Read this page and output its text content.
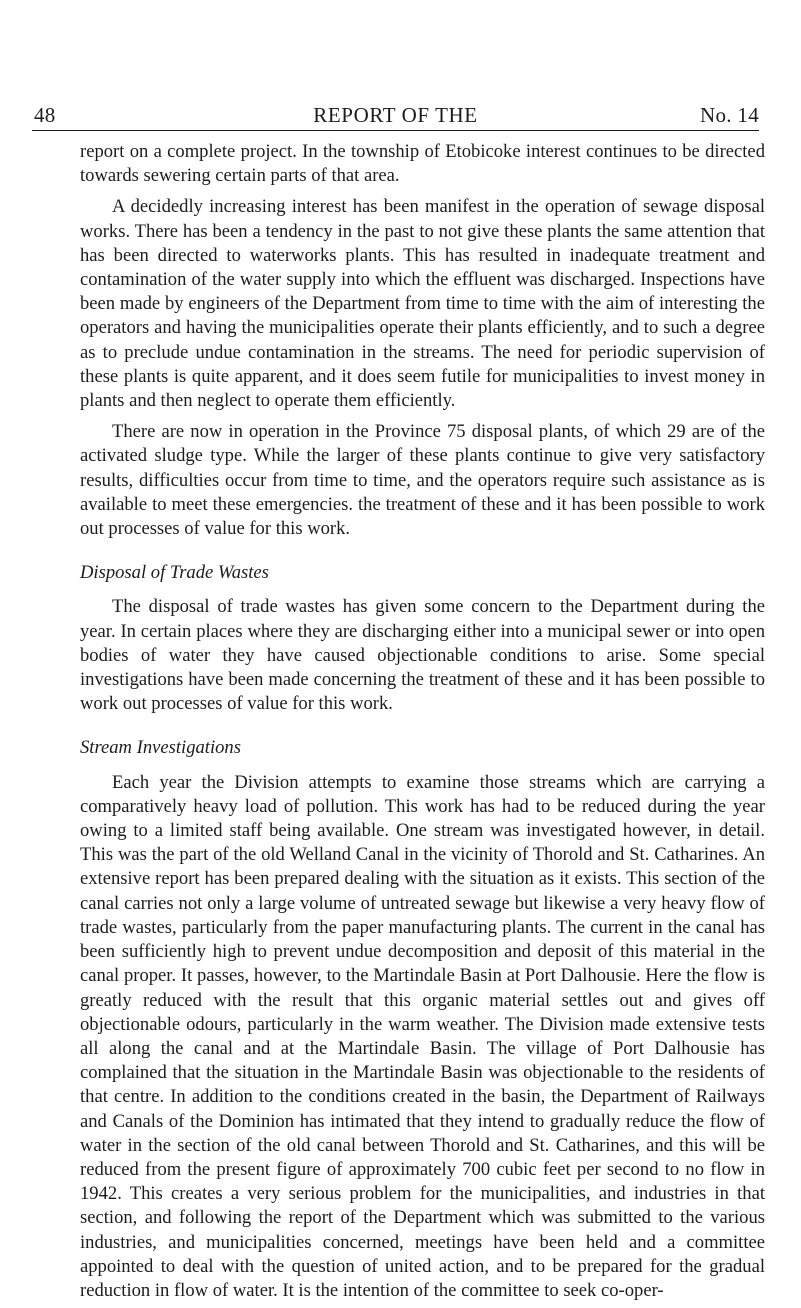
48	REPORT OF THE	No. 14

report on a complete project. In the township of Etobicoke interest continues to be directed towards sewering certain parts of that area.

A decidedly increasing interest has been manifest in the operation of sewage disposal works. There has been a tendency in the past to not give these plants the same attention that has been directed to waterworks plants. This has resulted in inadequate treatment and contamination of the water supply into which the effluent was discharged. Inspections have been made by engineers of the Department from time to time with the aim of interesting the operators and having the municipalities operate their plants efficiently, and to such a degree as to preclude undue contamination in the streams. The need for periodic supervision of these plants is quite apparent, and it does seem futile for municipalities to invest money in plants and then neglect to operate them efficiently.

There are now in operation in the Province 75 disposal plants, of which 29 are of the activated sludge type. While the larger of these plants continue to give very satisfactory results, difficulties occur from time to time, and the operators require such assistance as is available to meet these emergencies. the treatment of these and it has been possible to work out processes of value for this work.

Disposal of Trade Wastes

The disposal of trade wastes has given some concern to the Department during the year. In certain places where they are discharging either into a municipal sewer or into open bodies of water they have caused objectionable conditions to arise. Some special investigations have been made concerning the treatment of these and it has been possible to work out processes of value for this work.

Stream Investigations

Each year the Division attempts to examine those streams which are carrying a comparatively heavy load of pollution. This work has had to be reduced during the year owing to a limited staff being available. One stream was investigated however, in detail. This was the part of the old Welland Canal in the vicinity of Thorold and St. Catharines. An extensive report has been prepared dealing with the situation as it exists. This section of the canal carries not only a large volume of untreated sewage but likewise a very heavy flow of trade wastes, particularly from the paper manufacturing plants. The current in the canal has been sufficiently high to prevent undue decomposition and deposit of this material in the canal proper. It passes, however, to the Martindale Basin at Port Dalhousie. Here the flow is greatly reduced with the result that this organic material settles out and gives off objectionable odours, particularly in the warm weather. The Division made extensive tests all along the canal and at the Martindale Basin. The village of Port Dalhousie has complained that the situation in the Martindale Basin was objectionable to the residents of that centre. In addition to the conditions created in the basin, the Department of Railways and Canals of the Dominion has intimated that they intend to gradually reduce the flow of water in the section of the old canal between Thorold and St. Catharines, and this will be reduced from the present figure of approximately 700 cubic feet per second to no flow in 1942. This creates a very serious problem for the municipalities, and industries in that section, and following the report of the Department which was submitted to the various industries, and municipalities concerned, meetings have been held and a committee appointed to deal with the question of united action, and to be prepared for the gradual reduction in flow of water. It is the intention of the committee to seek co-oper-
